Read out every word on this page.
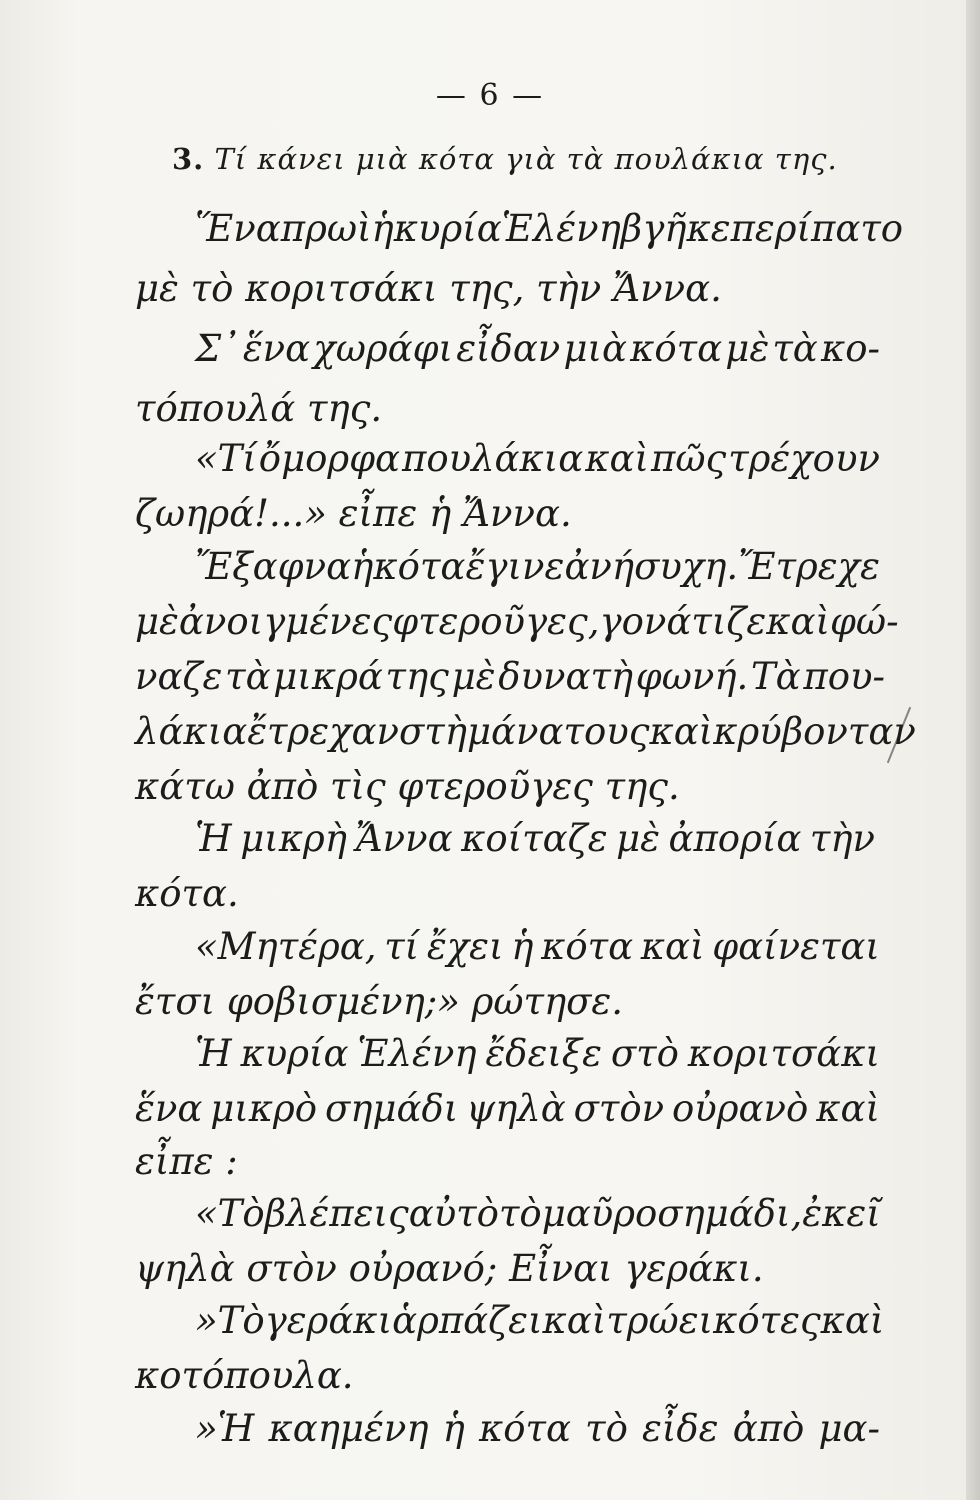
— 6 —
3. Τί κάνει μιὰ κότα γιὰ τὰ πουλάκια της.
Ἕνα πρωὶ ἡ κυρία Ἑλένη βγῆκε περίπατο
μὲ τὸ κοριτσάκι της, τὴν Ἄννα.
Σ᾽ ἕνα χωράφι εἶδαν μιὰ κότα μὲ τὰ κο-
τόπουλά της.
«Τί ὄμορφα πουλάκια καὶ πῶς τρέχουν
ζωηρά!...» εἶπε ἡ Ἄννα.
Ἔξαφνα ἡ κότα ἔγινε ἀνήσυχη. Ἔτρεχε
μὲ ἀνοιγμένες φτεροῦγες, γονάτιζε καὶ φώ-
ναζε τὰ μικρά της μὲ δυνατὴ φωνή. Τὰ που-
λάκια ἔτρεχαν στὴ μάνα τους καὶ κρύβονταν
κάτω ἀπὸ τὶς φτεροῦγες της.
Ἡ μικρὴ Ἄννα κοίταζε μὲ ἀπορία τὴν
κότα.
«Μητέρα, τί ἔχει ἡ κότα καὶ φαίνεται
ἔτσι φοβισμένη;» ρώτησε.
Ἡ κυρία Ἑλένη ἔδειξε στὸ κοριτσάκι
ἕνα μικρὸ σημάδι ψηλὰ στὸν οὐρανὸ καὶ
εἶπε :
«Τὸ βλέπεις αὐτὸ τὸ μαῦρο σημάδι, ἐκεῖ
ψηλὰ στὸν οὐρανό; Εἶναι γεράκι.
»Τὸ γεράκι ἁρπάζει καὶ τρώει κότες καὶ
κοτόπουλα.
»Ἡ καημένη ἡ κότα τὸ εἶδε ἀπὸ μα-
